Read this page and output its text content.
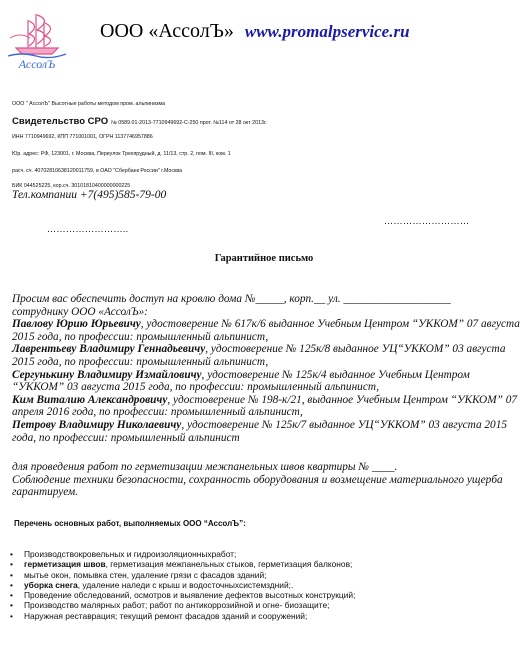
АссолЪ
ООО «АссолЪ» www.promalpservice.ru
ООО " АссолЪ" Высотные работы методом пром. альпинизма
Свидетельство СРО № 0589.01-2013-7710949692-С-250 прот. №114 от 28 окт 2013г.
ИНН 7710949692, КПП 771001001, ОГРН 1137746957886
Юр. адрес: РФ, 123001, г. Москва, Переулок Трехпрудный, д. 11/13, стр. 2, пом. III, ком. 1
расч. сч. 40702810638120011759, в ОАО "Сбербанк России" г.Москва
БИК 044525225, кор.сч. 30101810400000000225
Тел.компании +7(495)585-79-00
……………………..
………………………
Гарантийное письмо

Просим вас обеспечить доступ на кровлю дома №_____, корп.__ ул. ___________________

сотруднику ООО «АссолЪ»:

Павлову Юрию Юрьевичу, удостоверение № 617к/6 выданное Учебным Центром “УККОМ” 07 августа 2015 года, по профессии: промышленный альпинист,

Лаврентьеву Владимиру Геннадьевичу, удостоверение № 125к/8 выданное УЦ“УККОМ” 03 августа 2015 года, по профессии: промышленный альпинист,

Сергунькину Владимиру Измайловичу, удостоверение № 125к/4 выданное Учебным Центром “УККОМ” 03 августа 2015 года, по профессии: промышленный альпинист,

Ким Виталию Александровичу, удостоверение № 198-к/21, выданное Учебным Центром “УККОМ” 07 апреля 2016 года, по профессии: промышленный альпинист,

Петрову Владимиру Николаевичу, удостоверение № 125к/7 выданное УЦ“УККОМ” 03 августа 2015 года, по профессии: промышленный альпинист

для проведения работ по герметизации межпанельных швов квартиры № ____.

Соблюдение техники безопасности, сохранность оборудования и возмещение материального ущерба гарантируем.

Перечень основных работ, выполняемых ООО “АссолЪ”:
• Производствокровельных и гидроизоляционныхработ;
• герметизация швов, герметизация межпанельных стыков, герметизация балконов;
• мытье окон, помывка стен, удаление грязи с фасадов зданий;
• уборка снега, удаление наледи с крыш и водосточныхсистемздний;.
• Проведение обследований, осмотров и выявление дефектов высотных конструкций;
• Производство малярных работ; работ по антикоррозийной и огне- биозащите;
• Наружная реставрация; текущий ремонт фасадов зданий и сооружений;
